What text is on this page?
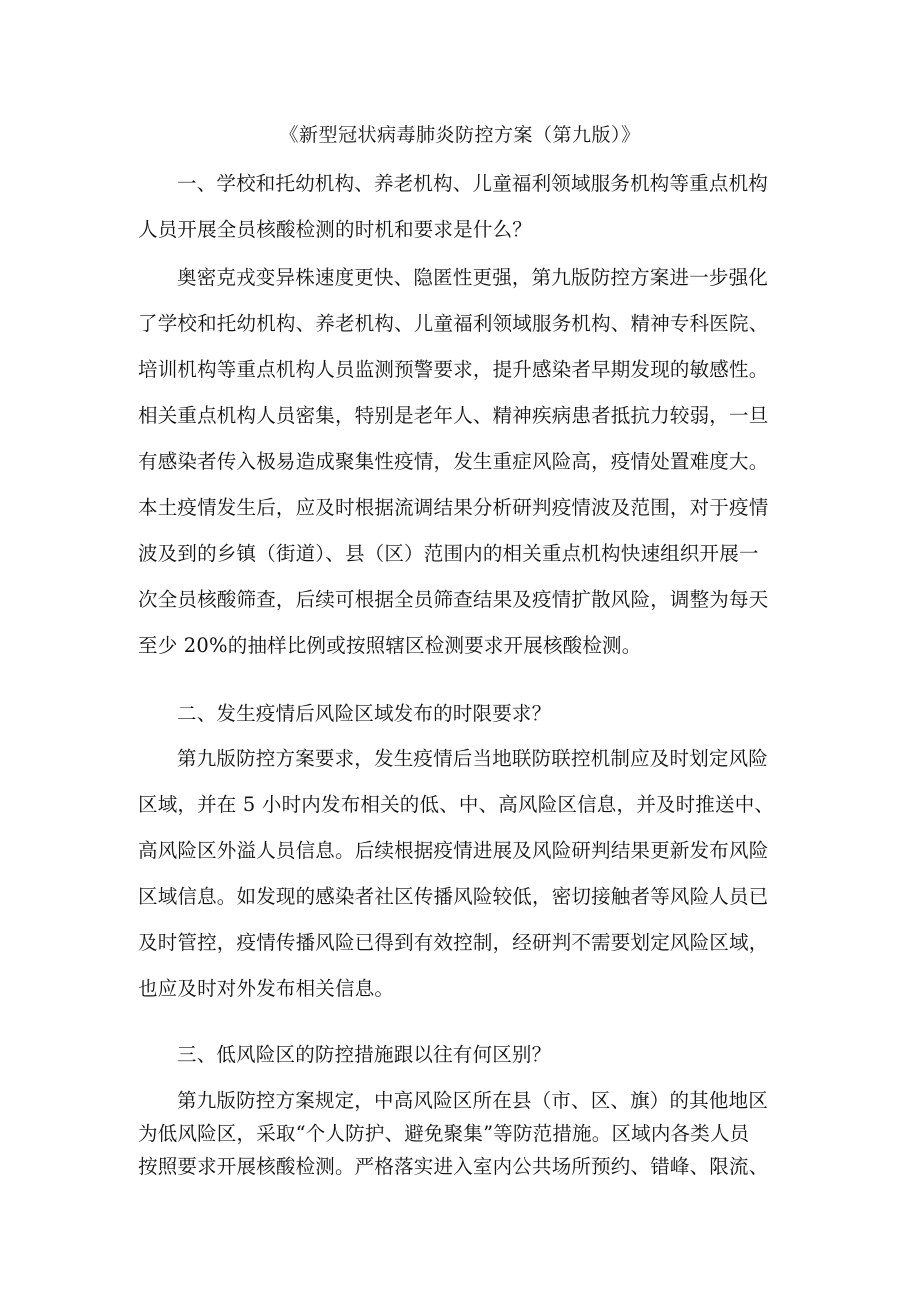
《新型冠状病毒肺炎防控方案（第九版）》
一、学校和托幼机构、养老机构、儿童福利领域服务机构等重点机构
人员开展全员核酸检测的时机和要求是什么？
奥密克戎变异株速度更快、隐匿性更强，第九版防控方案进一步强化
了学校和托幼机构、养老机构、儿童福利领域服务机构、精神专科医院、
培训机构等重点机构人员监测预警要求，提升感染者早期发现的敏感性。
相关重点机构人员密集，特别是老年人、精神疾病患者抵抗力较弱，一旦
有感染者传入极易造成聚集性疫情，发生重症风险高，疫情处置难度大。
本土疫情发生后，应及时根据流调结果分析研判疫情波及范围，对于疫情
波及到的乡镇（街道）、县（区）范围内的相关重点机构快速组织开展一
次全员核酸筛查，后续可根据全员筛查结果及疫情扩散风险，调整为每天
至少 20%的抽样比例或按照辖区检测要求开展核酸检测。
二、发生疫情后风险区域发布的时限要求？
第九版防控方案要求，发生疫情后当地联防联控机制应及时划定风险
区域，并在 5 小时内发布相关的低、中、高风险区信息，并及时推送中、
高风险区外溢人员信息。后续根据疫情进展及风险研判结果更新发布风险
区域信息。如发现的感染者社区传播风险较低，密切接触者等风险人员已
及时管控，疫情传播风险已得到有效控制，经研判不需要划定风险区域，
也应及时对外发布相关信息。
三、低风险区的防控措施跟以往有何区别？
第九版防控方案规定，中高风险区所在县（市、区、旗）的其他地区
为低风险区，采取“个人防护、避免聚集”等防范措施。区域内各类人员
按照要求开展核酸检测。严格落实进入室内公共场所预约、错峰、限流、
